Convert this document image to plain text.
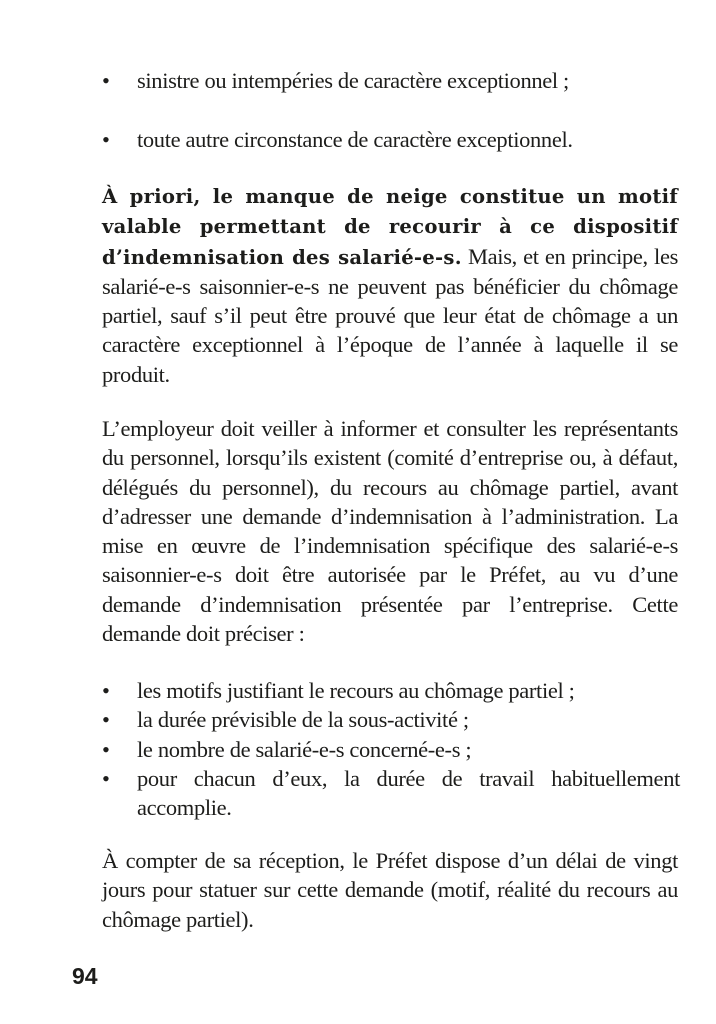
• sinistre ou intempéries de caractère exceptionnel ;
• toute autre circonstance de caractère exceptionnel.

À priori, le manque de neige constitue un motif valable permettant de recourir à ce dispositif d’indemnisation des salarié-e-s. Mais, et en principe, les salarié-e-s saisonnier-e-s ne peuvent pas bénéficier du chômage partiel, sauf s’il peut être prouvé que leur état de chômage a un caractère exceptionnel à l’époque de l’année à laquelle il se produit.

L’employeur doit veiller à informer et consulter les représentants du personnel, lorsqu’ils existent (comité d’entreprise ou, à défaut, délégués du personnel), du recours au chômage partiel, avant d’adresser une demande d’indemnisation à l’administration. La mise en œuvre de l’indemnisation spécifique des salarié-e-s saisonnier-e-s doit être autorisée par le Préfet, au vu d’une demande d’indemnisation présentée par l’entreprise. Cette demande doit préciser :

• les motifs justifiant le recours au chômage partiel ;
• la durée prévisible de la sous-activité ;
• le nombre de salarié-e-s concerné-e-s ;
• pour chacun d’eux, la durée de travail habituellement accomplie.

À compter de sa réception, le Préfet dispose d’un délai de vingt jours pour statuer sur cette demande (motif, réalité du recours au chômage partiel).

94
